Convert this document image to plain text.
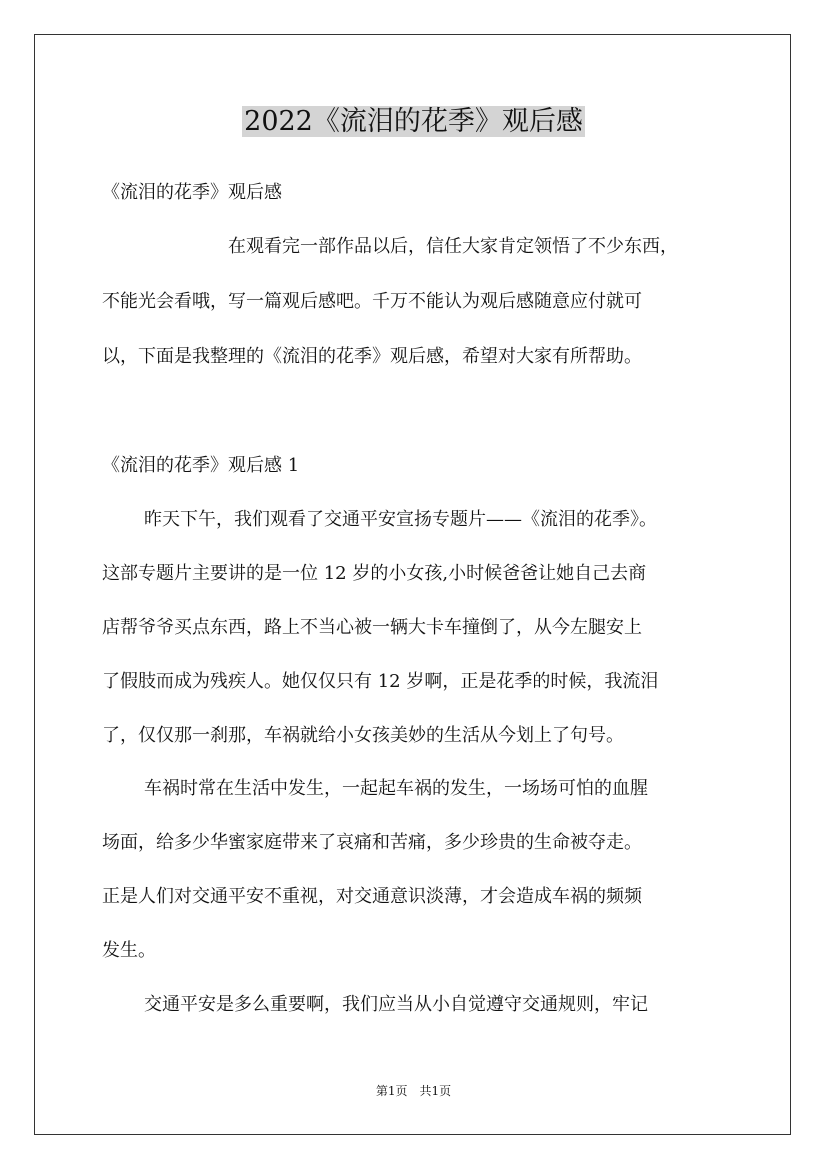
2022《流泪的花季》观后感

《流泪的花季》观后感

在观看完一部作品以后，信任大家肯定领悟了不少东西，

不能光会看哦，写一篇观后感吧。千万不能认为观后感随意应付就可

以，下面是我整理的《流泪的花季》观后感，希望对大家有所帮助。

《流泪的花季》观后感 1

昨天下午，我们观看了交通平安宣扬专题片——《流泪的花季》。

这部专题片主要讲的是一位 12 岁的小女孩,小时候爸爸让她自己去商

店帮爷爷买点东西，路上不当心被一辆大卡车撞倒了，从今左腿安上

了假肢而成为残疾人。她仅仅只有 12 岁啊，正是花季的时候，我流泪

了，仅仅那一刹那，车祸就给小女孩美妙的生活从今划上了句号。

车祸时常在生活中发生，一起起车祸的发生，一场场可怕的血腥

场面，给多少华蜜家庭带来了哀痛和苦痛，多少珍贵的生命被夺走。

正是人们对交通平安不重视，对交通意识淡薄，才会造成车祸的频频

发生。

交通平安是多么重要啊，我们应当从小自觉遵守交通规则，牢记

第1页　共1页
